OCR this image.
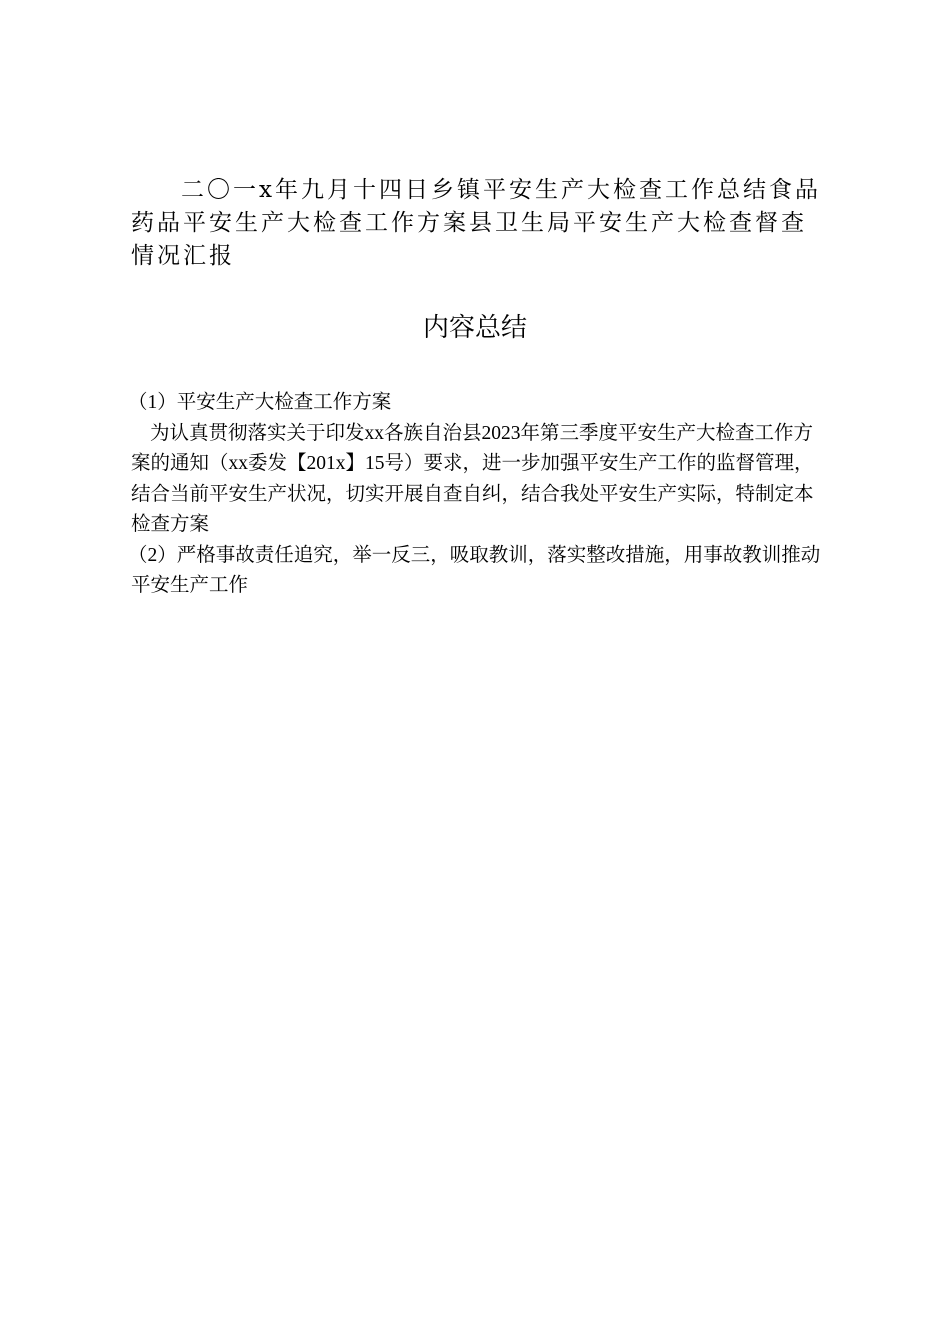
二〇一x年九月十四日乡镇平安生产大检查工作总结食品药品平安生产大检查工作方案县卫生局平安生产大检查督查情况汇报
内容总结

（1）平安生产大检查工作方案

为认真贯彻落实关于印发xx各族自治县2023年第三季度平安生产大检查工作方案的通知（xx委发【201x】15号）要求，进一步加强平安生产工作的监督管理，结合当前平安生产状况，切实开展自查自纠，结合我处平安生产实际，特制定本检查方案

（2）严格事故责任追究，举一反三，吸取教训，落实整改措施，用事故教训推动平安生产工作
